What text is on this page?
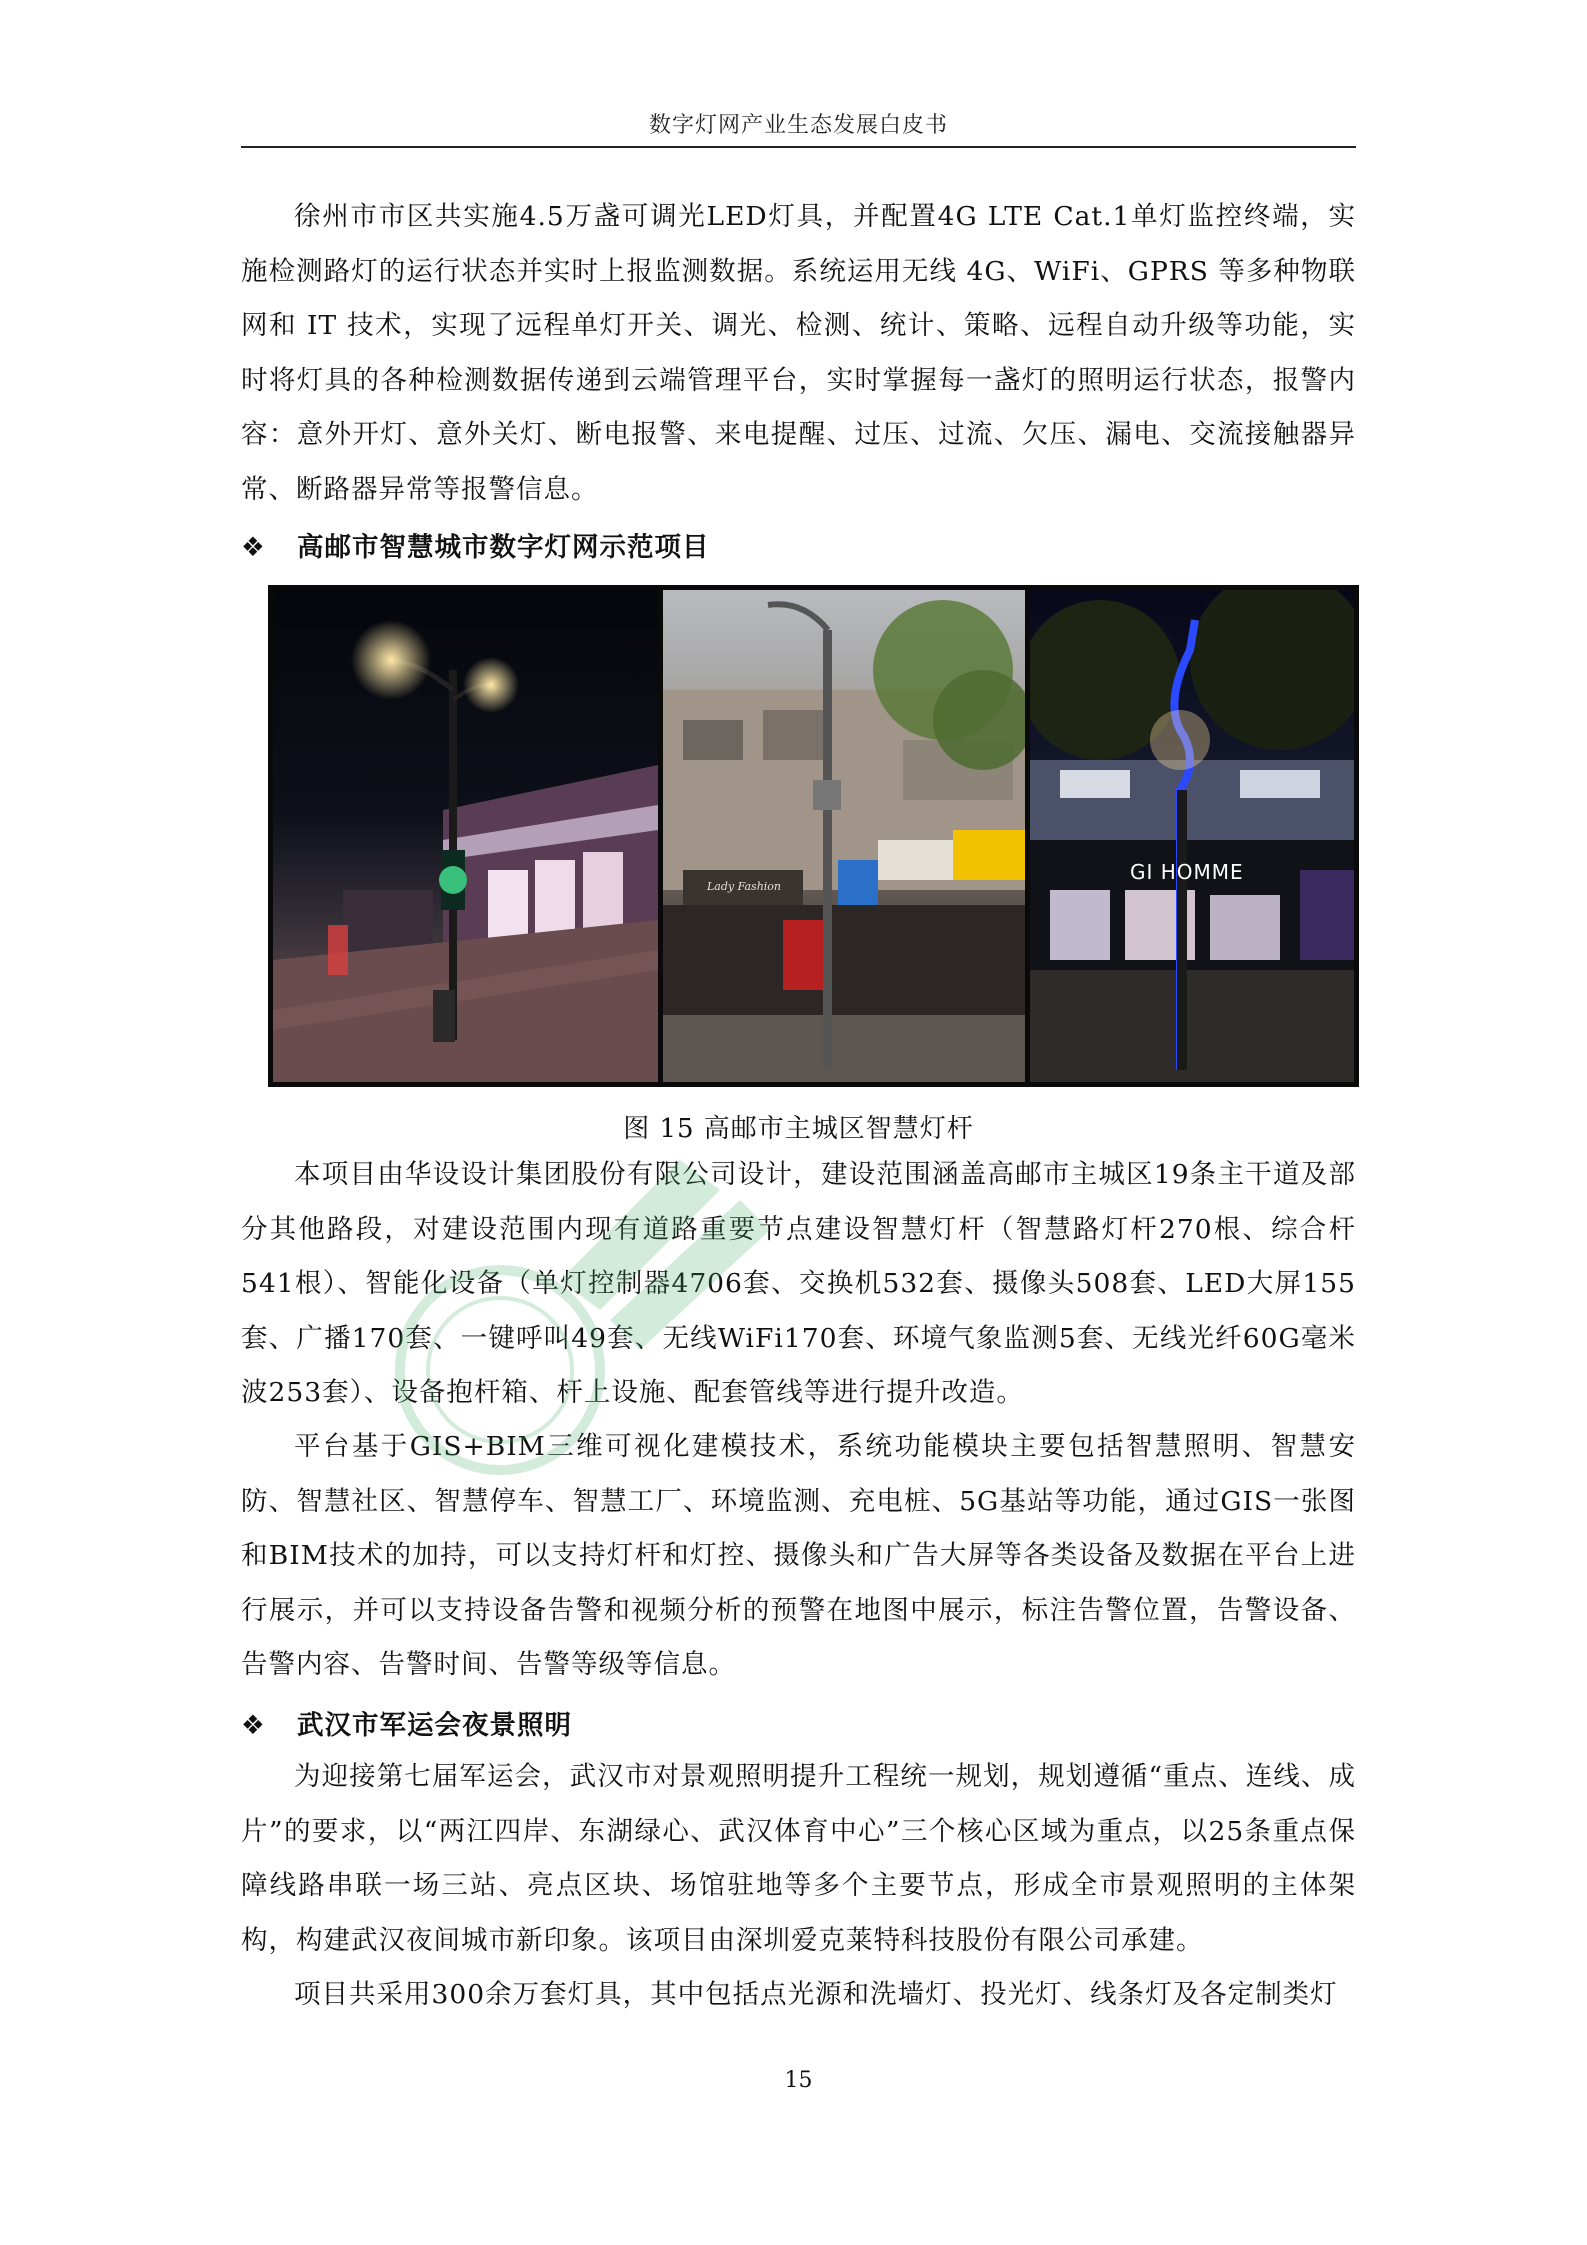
数字灯网产业生态发展白皮书

徐州市市区共实施4.5万盏可调光LED灯具，并配置4G LTE Cat.1单灯监控终端，实施检测路灯的运行状态并实时上报监测数据。系统运用无线 4G、WiFi、GPRS 等多种物联网和 IT 技术，实现了远程单灯开关、调光、检测、统计、策略、远程自动升级等功能，实时将灯具的各种检测数据传递到云端管理平台，实时掌握每一盏灯的照明运行状态，报警内容：意外开灯、意外关灯、断电报警、来电提醒、过压、过流、欠压、漏电、交流接触器异常、断路器异常等报警信息。

❖ 高邮市智慧城市数字灯网示范项目
Lady Fashion
GI HOMME
图 15 高邮市主城区智慧灯杆

本项目由华设设计集团股份有限公司设计，建设范围涵盖高邮市主城区19条主干道及部分其他路段，对建设范围内现有道路重要节点建设智慧灯杆（智慧路灯杆270根、综合杆541根）、智能化设备（单灯控制器4706套、交换机532套、摄像头508套、LED大屏155套、广播170套、一键呼叫49套、无线WiFi170套、环境气象监测5套、无线光纤60G毫米波253套）、设备抱杆箱、杆上设施、配套管线等进行提升改造。

平台基于GIS+BIM三维可视化建模技术，系统功能模块主要包括智慧照明、智慧安防、智慧社区、智慧停车、智慧工厂、环境监测、充电桩、5G基站等功能，通过GIS一张图和BIM技术的加持，可以支持灯杆和灯控、摄像头和广告大屏等各类设备及数据在平台上进行展示，并可以支持设备告警和视频分析的预警在地图中展示，标注告警位置，告警设备、告警内容、告警时间、告警等级等信息。

❖ 武汉市军运会夜景照明

为迎接第七届军运会，武汉市对景观照明提升工程统一规划，规划遵循“重点、连线、成片”的要求，以“两江四岸、东湖绿心、武汉体育中心”三个核心区域为重点，以25条重点保障线路串联一场三站、亮点区块、场馆驻地等多个主要节点，形成全市景观照明的主体架构，构建武汉夜间城市新印象。该项目由深圳爱克莱特科技股份有限公司承建。

项目共采用300余万套灯具，其中包括点光源和洗墙灯、投光灯、线条灯及各定制类灯

15
